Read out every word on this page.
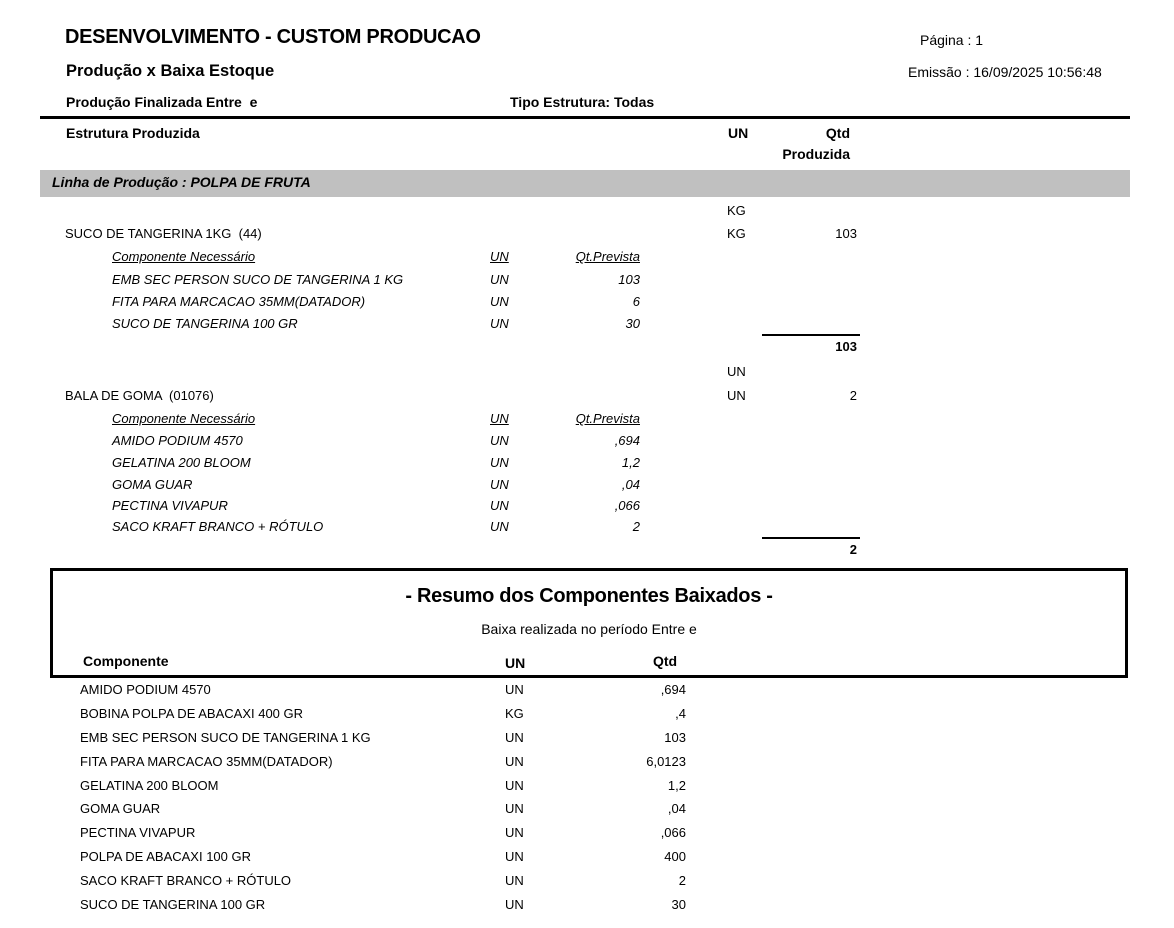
DESENVOLVIMENTO - CUSTOM PRODUCAO	Página : 1
Produção x Baixa Estoque	Emissão : 16/09/2025 10:56:48
Produção Finalizada Entre  e	Tipo Estrutura: Todas
Estrutura Produzida	UN	Qtd
Produzida
Linha de Produção : POLPA DE FRUTA
KG
SUCO DE TANGERINA 1KG  (44)	KG	103
Componente Necessário	UN	Qt.Prevista
EMB SEC PERSON SUCO DE TANGERINA 1 KG	UN	103
FITA PARA MARCACAO 35MM(DATADOR)	UN	6
SUCO DE TANGERINA 100 GR	UN	30
103
UN
BALA DE GOMA  (01076)	UN	2
Componente Necessário	UN	Qt.Prevista
AMIDO PODIUM 4570	UN	,694
GELATINA 200 BLOOM	UN	1,2
GOMA GUAR	UN	,04
PECTINA VIVAPUR	UN	,066
SACO KRAFT BRANCO + RÓTULO	UN	2
2
- Resumo dos Componentes Baixados -
Baixa realizada no período Entre e
Componente	UN	Qtd
AMIDO PODIUM 4570	UN	,694
BOBINA POLPA DE ABACAXI 400 GR	KG	,4
EMB SEC PERSON SUCO DE TANGERINA 1 KG	UN	103
FITA PARA MARCACAO 35MM(DATADOR)	UN	6,0123
GELATINA 200 BLOOM	UN	1,2
GOMA GUAR	UN	,04
PECTINA VIVAPUR	UN	,066
POLPA DE ABACAXI 100 GR	UN	400
SACO KRAFT BRANCO + RÓTULO	UN	2
SUCO DE TANGERINA 100 GR	UN	30
